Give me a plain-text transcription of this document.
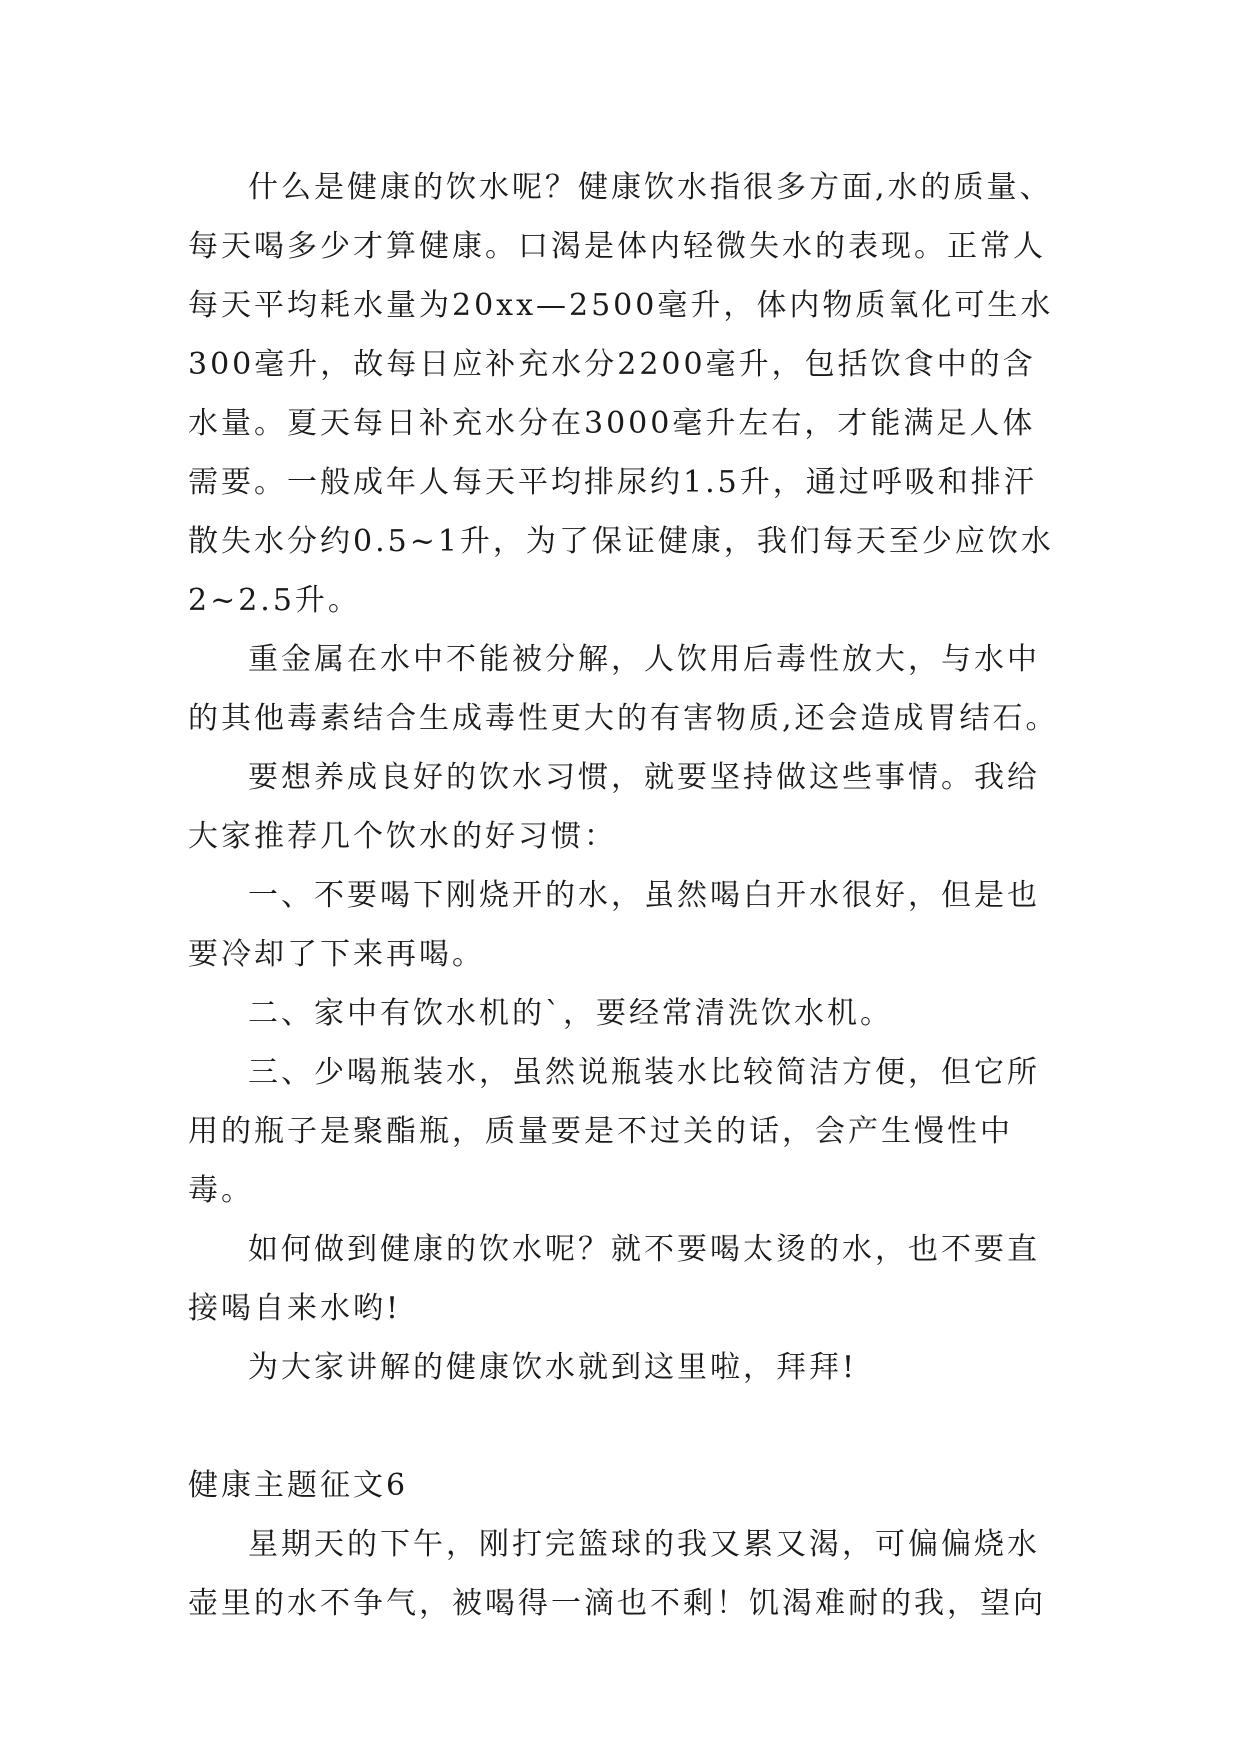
什么是健康的饮水呢？健康饮水指很多方面,水的质量、每天喝多少才算健康。口渴是体内轻微失水的表现。正常人每天平均耗水量为20xx—2500毫升，体内物质氧化可生水300毫升，故每日应补充水分2200毫升，包括饮食中的含水量。夏天每日补充水分在3000毫升左右，才能满足人体需要。一般成年人每天平均排尿约1.5升，通过呼吸和排汗散失水分约0.5~1升，为了保证健康，我们每天至少应饮水2~2.5升。

重金属在水中不能被分解，人饮用后毒性放大，与水中的其他毒素结合生成毒性更大的有害物质,还会造成胃结石。

要想养成良好的饮水习惯，就要坚持做这些事情。我给大家推荐几个饮水的好习惯：

一、不要喝下刚烧开的水，虽然喝白开水很好，但是也要冷却了下来再喝。

二、家中有饮水机的`，要经常清洗饮水机。

三、少喝瓶装水，虽然说瓶装水比较简洁方便，但它所用的瓶子是聚酯瓶，质量要是不过关的话，会产生慢性中毒。

如何做到健康的饮水呢？就不要喝太烫的水，也不要直接喝自来水哟!

为大家讲解的健康饮水就到这里啦，拜拜!

健康主题征文6

星期天的下午，刚打完篮球的我又累又渴，可偏偏烧水壶里的水不争气，被喝得一滴也不剩！饥渴难耐的我，望向
